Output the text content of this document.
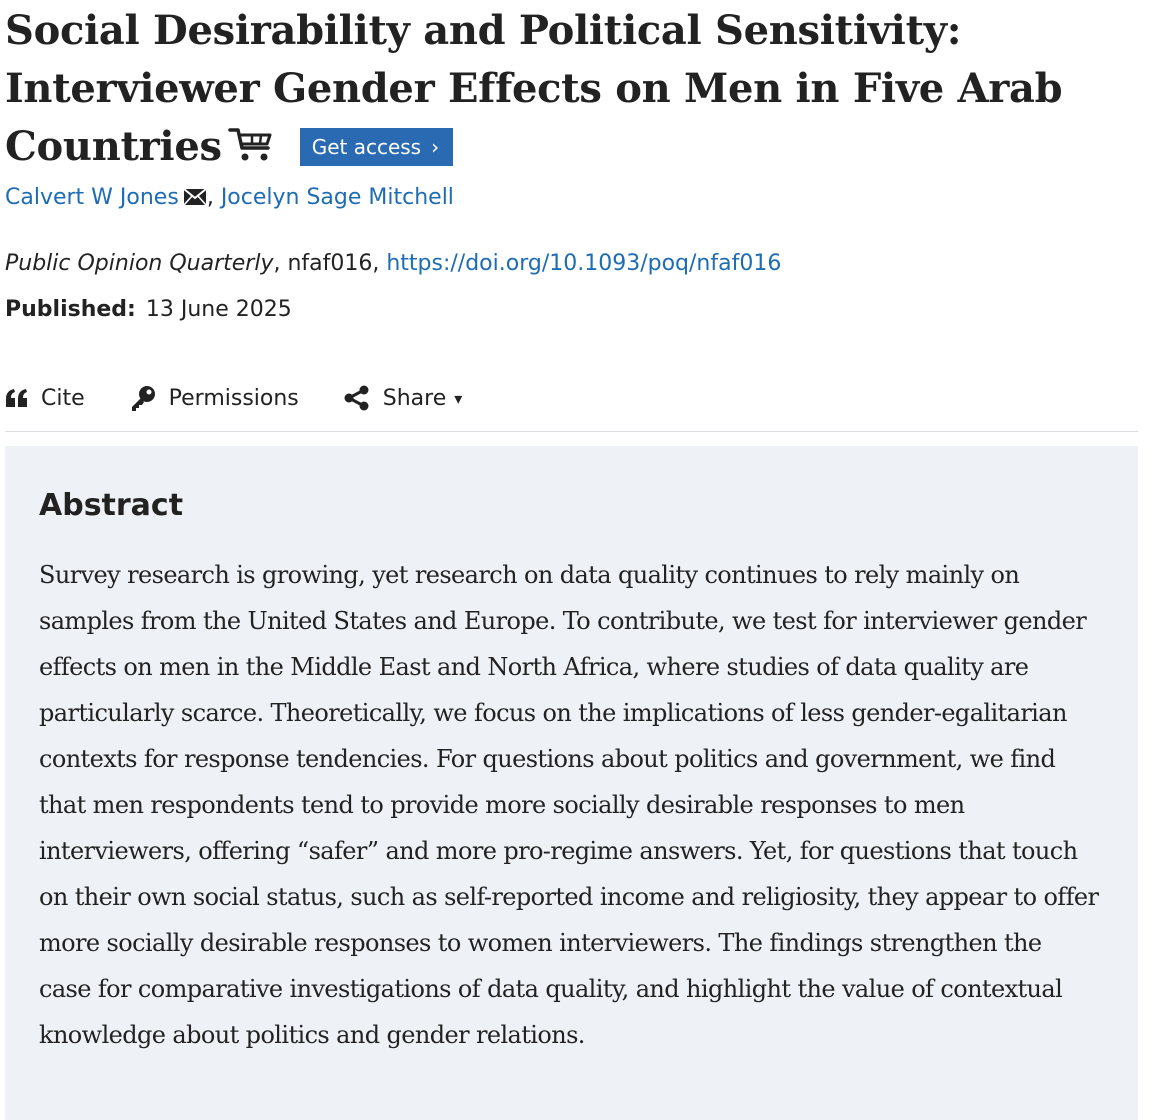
Social Desirability and Political Sensitivity: Interviewer Gender Effects on Men in Five Arab Countries	Get access ›
Calvert W Jones , Jocelyn Sage Mitchell
Public Opinion Quarterly, nfaf016, https://doi.org/10.1093/poq/nfaf016
Published: 13 June 2025
Cite	Permissions	Share ▾
Abstract

Survey research is growing, yet research on data quality continues to rely mainly on samples from the United States and Europe. To contribute, we test for interviewer gender effects on men in the Middle East and North Africa, where studies of data quality are particularly scarce. Theoretically, we focus on the implications of less gender-egalitarian contexts for response tendencies. For questions about politics and government, we find that men respondents tend to provide more socially desirable responses to men interviewers, offering “safer” and more pro-regime answers. Yet, for questions that touch on their own social status, such as self-reported income and religiosity, they appear to offer more socially desirable responses to women interviewers. The findings strengthen the case for comparative investigations of data quality, and highlight the value of contextual knowledge about politics and gender relations.
